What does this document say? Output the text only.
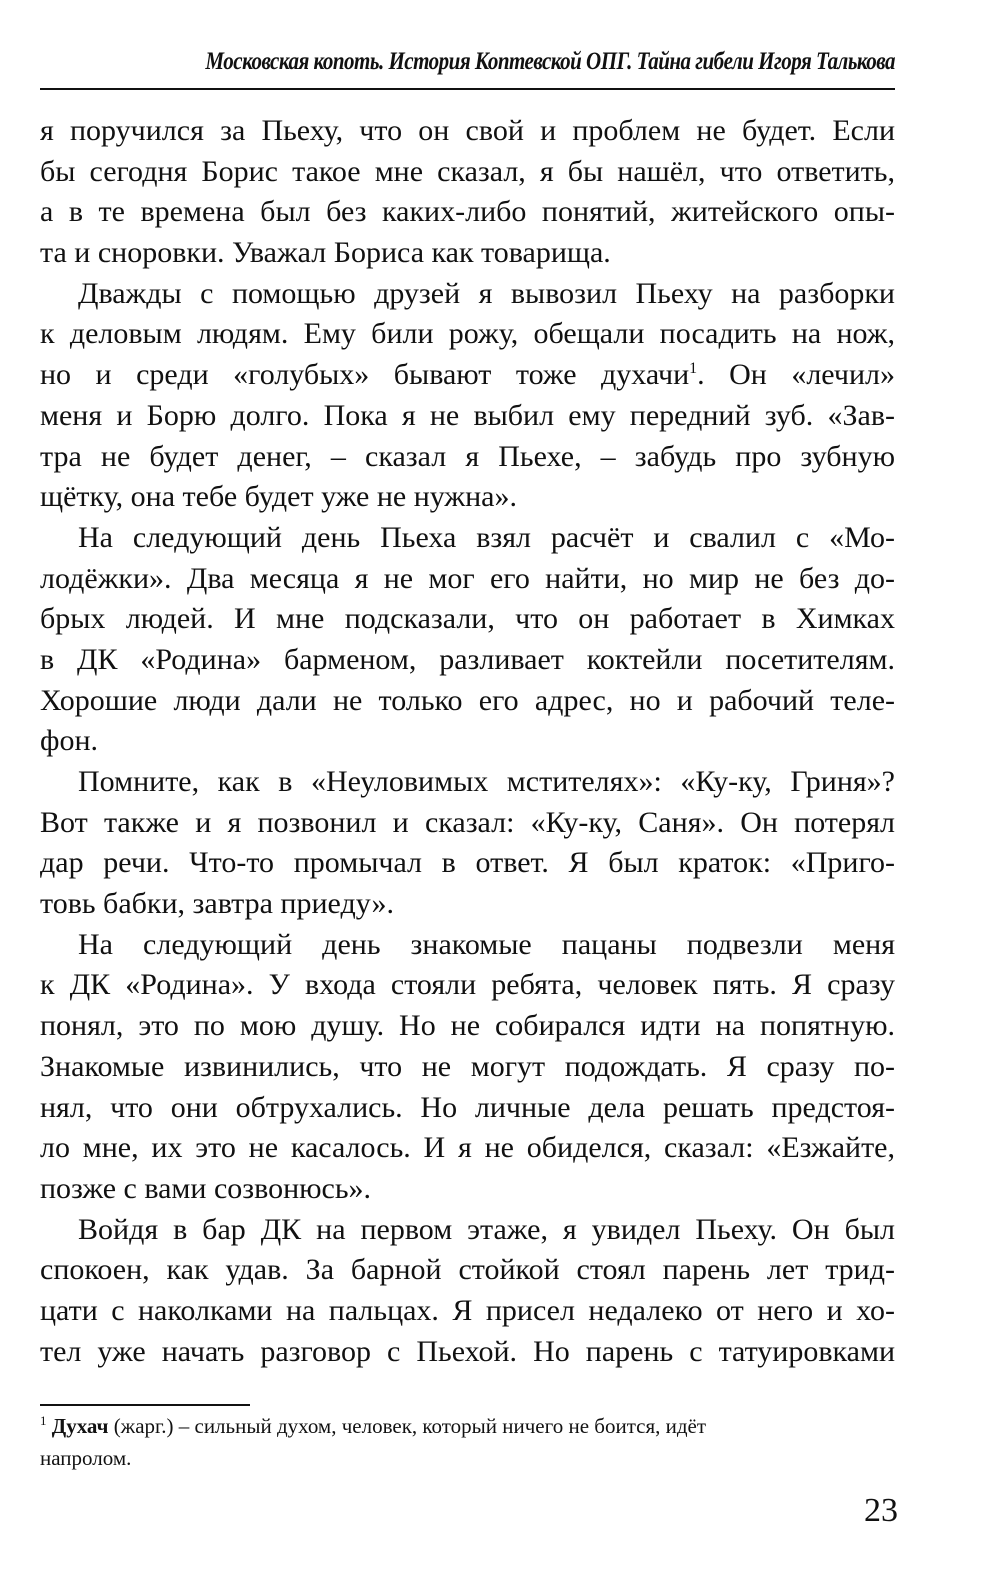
Московская копоть. История Коптевской ОПГ. Тайна гибели Игоря Талькова
я поручился за Пьеху, что он свой и проблем не будет. Если
бы сегодня Борис такое мне сказал, я бы нашёл, что ответить,
а в те времена был без каких-либо понятий, житейского опы-
та и сноровки. Уважал Бориса как товарища.
Дважды с помощью друзей я вывозил Пьеху на разборки
к деловым людям. Ему били рожу, обещали посадить на нож,
но и среди «голубых» бывают тоже духачи$^1$. Он «лечил»
меня и Борю долго. Пока я не выбил ему передний зуб. «Зав-
тра не будет денег, – сказал я Пьехе, – забудь про зубную
щётку, она тебе будет уже не нужна».
На следующий день Пьеха взял расчёт и свалил с «Мо-
лодёжки». Два месяца я не мог его найти, но мир не без до-
брых людей. И мне подсказали, что он работает в Химках
в ДК «Родина» барменом, разливает коктейли посетителям.
Хорошие люди дали не только его адрес, но и рабочий теле-
фон.
Помните, как в «Неуловимых мстителях»: «Ку-ку, Гриня»?
Вот также и я позвонил и сказал: «Ку-ку, Саня». Он потерял
дар речи. Что-то промычал в ответ. Я был краток: «Приго-
товь бабки, завтра приеду».
На следующий день знакомые пацаны подвезли меня
к ДК «Родина». У входа стояли ребята, человек пять. Я сразу
понял, это по мою душу. Но не собирался идти на попятную.
Знакомые извинились, что не могут подождать. Я сразу по-
нял, что они обтрухались. Но личные дела решать предстоя-
ло мне, их это не касалось. И я не обиделся, сказал: «Езжайте,
позже с вами созвонюсь».
Войдя в бар ДК на первом этаже, я увидел Пьеху. Он был
спокоен, как удав. За барной стойкой стоял парень лет трид-
цати с наколками на пальцах. Я присел недалеко от него и хо-
тел уже начать разговор с Пьехой. Но парень с татуировками
$^1$ Духач (жарг.) – сильный духом, человек, который ничего не боится, идёт
напролом.
23
